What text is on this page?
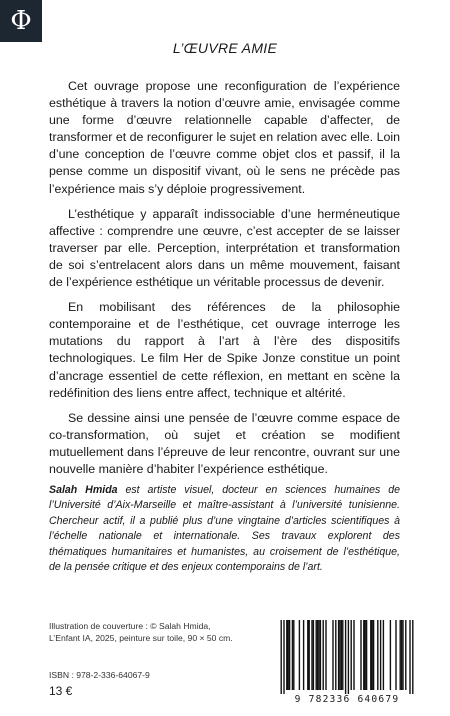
Φ
L’ŒUVRE AMIE

Cet ouvrage propose une reconfiguration de l’expérience esthétique à travers la notion d’œuvre amie, envisagée comme une forme d’œuvre relationnelle capable d’affecter, de transformer et de reconfigurer le sujet en relation avec elle. Loin d’une conception de l’œuvre comme objet clos et passif, il la pense comme un dispositif vivant, où le sens ne précède pas l’expérience mais s’y déploie progressivement.

L’esthétique y apparaît indissociable d’une herméneutique affective : comprendre une œuvre, c’est accepter de se laisser traverser par elle. Perception, interprétation et transformation de soi s’entrelacent alors dans un même mouvement, faisant de l’expérience esthétique un véritable processus de devenir.

En mobilisant des références de la philosophie contemporaine et de l’esthétique, cet ouvrage interroge les mutations du rapport à l’art à l’ère des dispositifs technologiques. Le film Her de Spike Jonze constitue un point d’ancrage essentiel de cette réflexion, en mettant en scène la redéfinition des liens entre affect, technique et altérité.

Se dessine ainsi une pensée de l’œuvre comme espace de co-transformation, où sujet et création se modifient mutuellement dans l’épreuve de leur rencontre, ouvrant sur une nouvelle manière d’habiter l’expérience esthétique.

Salah Hmida est artiste visuel, docteur en sciences humaines de l’Université d’Aix-Marseille et maître-assistant à l’université tunisienne. Chercheur actif, il a publié plus d’une vingtaine d’articles scientifiques à l’échelle nationale et internationale. Ses travaux explorent des thématiques humanitaires et humanistes, au croisement de l’esthétique, de la pensée critique et des enjeux contemporains de l’art.
Illustration de couverture : © Salah Hmida, L’Enfant IA, 2025, peinture sur toile, 90 × 50 cm.
ISBN : 978-2-336-64067-9
13 €
9 782336 640679
